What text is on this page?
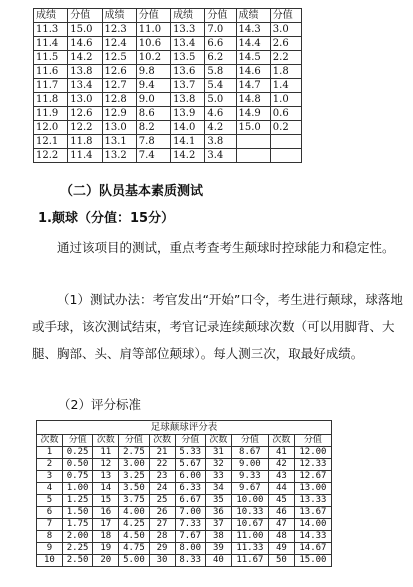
成绩	分值	成绩	分值	成绩	分值	成绩	分值
11.3	15.0	12.3	11.0	13.3	7.0	14.3	3.0
11.4	14.6	12.4	10.6	13.4	6.6	14.4	2.6
11.5	14.2	12.5	10.2	13.5	6.2	14.5	2.2
11.6	13.8	12.6	9.8	13.6	5.8	14.6	1.8
11.7	13.4	12.7	9.4	13.7	5.4	14.7	1.4
11.8	13.0	12.8	9.0	13.8	5.0	14.8	1.0
11.9	12.6	12.9	8.6	13.9	4.6	14.9	0.6
12.0	12.2	13.0	8.2	14.0	4.2	15.0	0.2
12.1	11.8	13.1	7.8	14.1	3.8		
12.2	11.4	13.2	7.4	14.2	3.4		
（二）队员基本素质测试
1.颠球（分值：15分）

通过该项目的测试，重点考查考生颠球时控球能力和稳定性。

（1）测试办法：考官发出“开始”口令，考生进行颠球，球落地或手球，该次测试结束，考官记录连续颠球次数（可以用脚背、大腿、胸部、头、肩等部位颠球）。每人测三次，取最好成绩。

（2）评分标准

足球颠球评分表
次数	分值	次数	分值	次数	分值	次数	分值	次数	分值
1	0.25	11	2.75	21	5.33	31	8.67	41	12.00
2	0.50	12	3.00	22	5.67	32	9.00	42	12.33
3	0.75	13	3.25	23	6.00	33	9.33	43	12.67
4	1.00	14	3.50	24	6.33	34	9.67	44	13.00
5	1.25	15	3.75	25	6.67	35	10.00	45	13.33
6	1.50	16	4.00	26	7.00	36	10.33	46	13.67
7	1.75	17	4.25	27	7.33	37	10.67	47	14.00
8	2.00	18	4.50	28	7.67	38	11.00	48	14.33
9	2.25	19	4.75	29	8.00	39	11.33	49	14.67
10	2.50	20	5.00	30	8.33	40	11.67	50	15.00
